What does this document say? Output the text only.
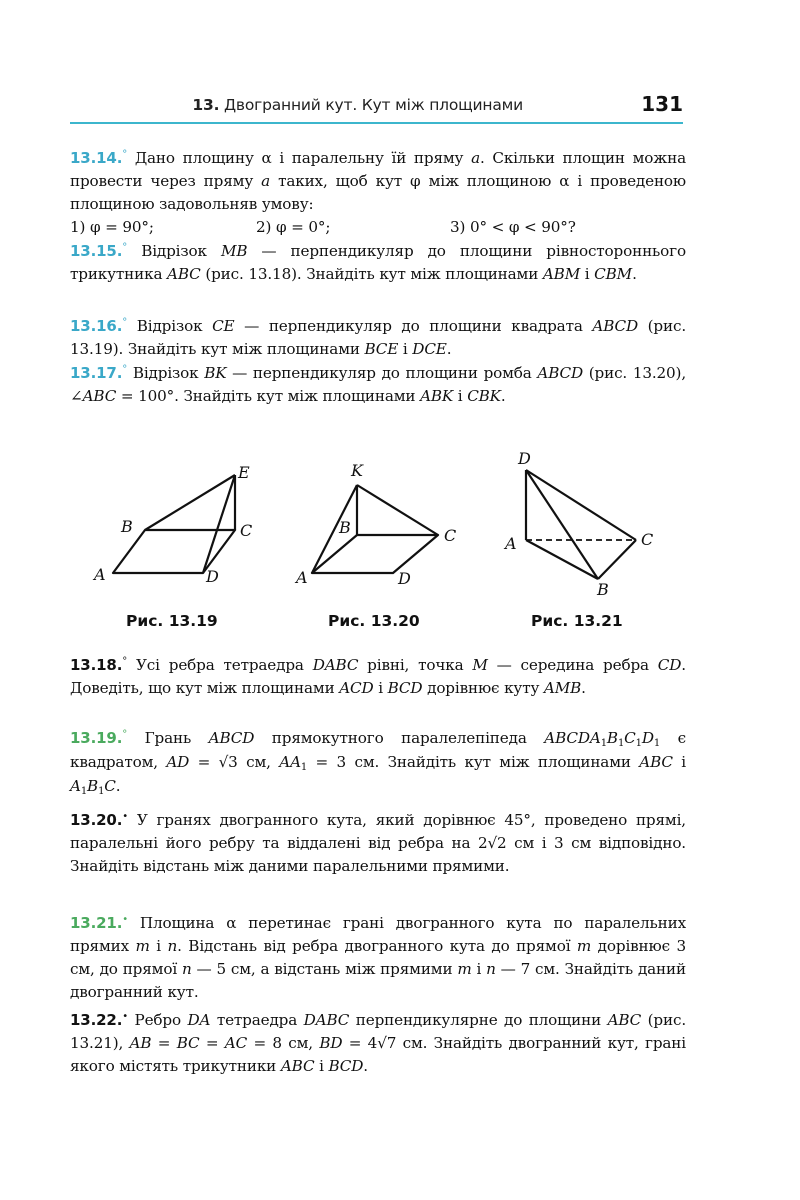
13. Двогранний кут. Кут між площинами	131
13.14.° Дано площину α і паралельну їй пряму a. Скільки площин можна провести через пряму a таких, щоб кут φ між площиною α і проведеною площиною задовольняв умову:
1) φ = 90°;	2) φ = 0°;	3) 0° < φ < 90°?
13.15.° Відрізок MB — перпендикуляр до площини рівностороннього трикутника ABC (рис. 13.18). Знайдіть кут між площинами ABM і CBM.
13.16.° Відрізок CE — перпендикуляр до площини квадрата ABCD (рис. 13.19). Знайдіть кут між площинами BCE і DCE.
13.17.° Відрізок BK — перпендикуляр до площини ромба ABCD (рис. 13.20), ∠ABC = 100°. Знайдіть кут між площинами ABK і CBK.
E
B	C
A	D
Рис. 13.19
K
B	C
A	D
Рис. 13.20
D
A	C
B
Рис. 13.21
13.18.° Усі ребра тетраедра DABC рівні, точка M — середина ребра CD. Доведіть, що кут між площинами ACD і BCD дорівнює куту AMB.
13.19.° Грань ABCD прямокутного паралелепіпеда $ABCDA_1B_1C_1D_1$ є квадратом, AD = √3 см, $AA_1 = 3$ см. Знайдіть кут між площинами ABC і $A_1B_1C$.
13.20.• У гранях двогранного кута, який дорівнює 45°, проведено прямі, паралельні його ребру та віддалені від ребра на 2√2 см і 3 см відповідно. Знайдіть відстань між даними паралельними прямими.
13.21.• Площина α перетинає грані двогранного кута по паралельних прямих m і n. Відстань від ребра двогранного кута до прямої m дорівнює 3 см, до прямої n — 5 см, а відстань між прямими m і n — 7 см. Знайдіть даний двогранний кут.
13.22.• Ребро DA тетраедра DABC перпендикулярне до площини ABC (рис. 13.21), AB = BC = AC = 8 см, BD = 4√7 см. Знайдіть двогранний кут, грані якого містять трикутники ABC і BCD.
